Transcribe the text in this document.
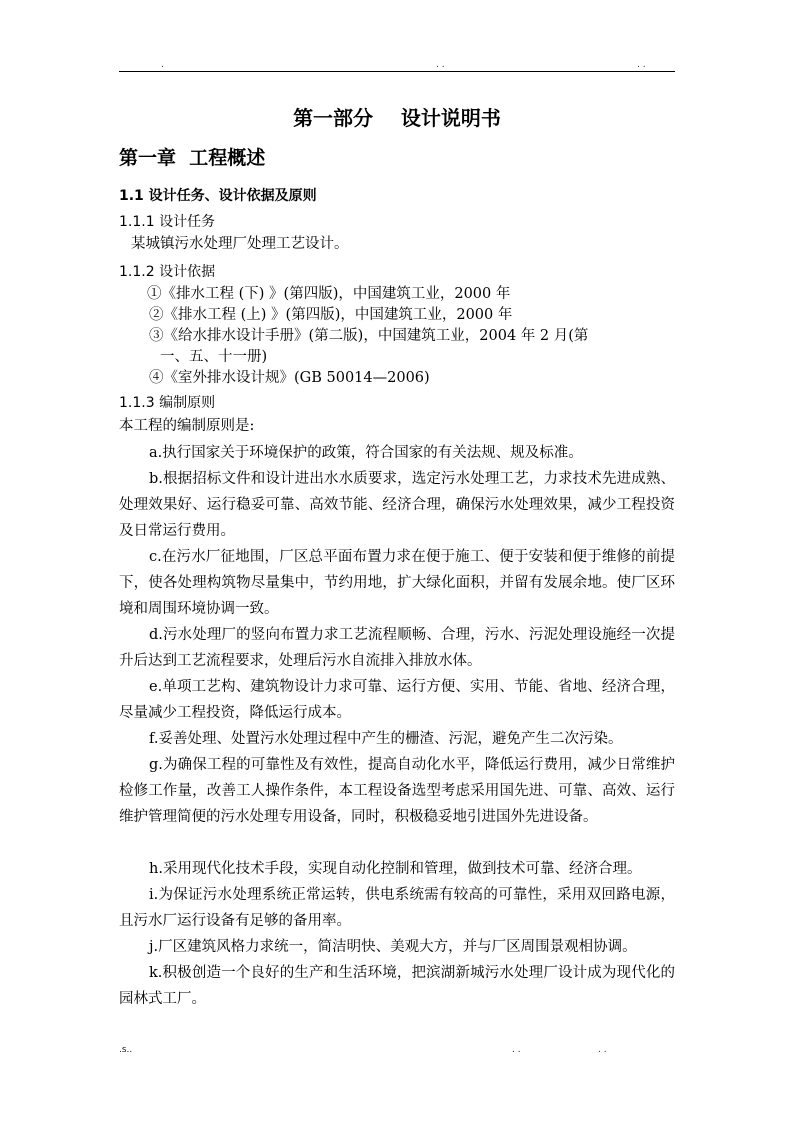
.	. .	. .
第一部分    设计说明书
第一章  工程概述
1.1 设计任务、设计依据及原则
1.1.1 设计任务
某城镇污水处理厂处理工艺设计。
1.1.2 设计依据
①《排水工程 (下) 》(第四版)，中国建筑工业，2000 年
②《排水工程 (上) 》(第四版)，中国建筑工业，2000 年
③《给水排水设计手册》(第二版)，中国建筑工业，2004 年 2 月(第
一、五、十一册)
④《室外排水设计规》(GB 50014—2006)
1.1.3 编制原则
本工程的编制原则是:

a.执行国家关于环境保护的政策，符合国家的有关法规、规及标准。

b.根据招标文件和设计进出水水质要求，选定污水处理工艺，力求技术先进成熟、处理效果好、运行稳妥可靠、高效节能、经济合理，确保污水处理效果，减少工程投资及日常运行费用。

c.在污水厂征地围，厂区总平面布置力求在便于施工、便于安装和便于维修的前提下，使各处理构筑物尽量集中，节约用地，扩大绿化面积，并留有发展余地。使厂区环境和周围环境协调一致。

d.污水处理厂的竖向布置力求工艺流程顺畅、合理，污水、污泥处理设施经一次提升后达到工艺流程要求，处理后污水自流排入排放水体。

e.单项工艺构、建筑物设计力求可靠、运行方便、实用、节能、省地、经济合理，尽量减少工程投资，降低运行成本。

f.妥善处理、处置污水处理过程中产生的栅渣、污泥，避免产生二次污染。

g.为确保工程的可靠性及有效性，提高自动化水平，降低运行费用，减少日常维护检修工作量，改善工人操作条件，本工程设备选型考虑采用国先进、可靠、高效、运行维护管理简便的污水处理专用设备，同时，积极稳妥地引进国外先进设备。

h.采用现代化技术手段，实现自动化控制和管理，做到技术可靠、经济合理。

i.为保证污水处理系统正常运转，供电系统需有较高的可靠性，采用双回路电源，且污水厂运行设备有足够的备用率。

j.厂区建筑风格力求统一，简洁明快、美观大方，并与厂区周围景观相协调。

k.积极创造一个良好的生产和生活环境，把滨湖新城污水处理厂设计成为现代化的园林式工厂。

.s..	. .	. .
